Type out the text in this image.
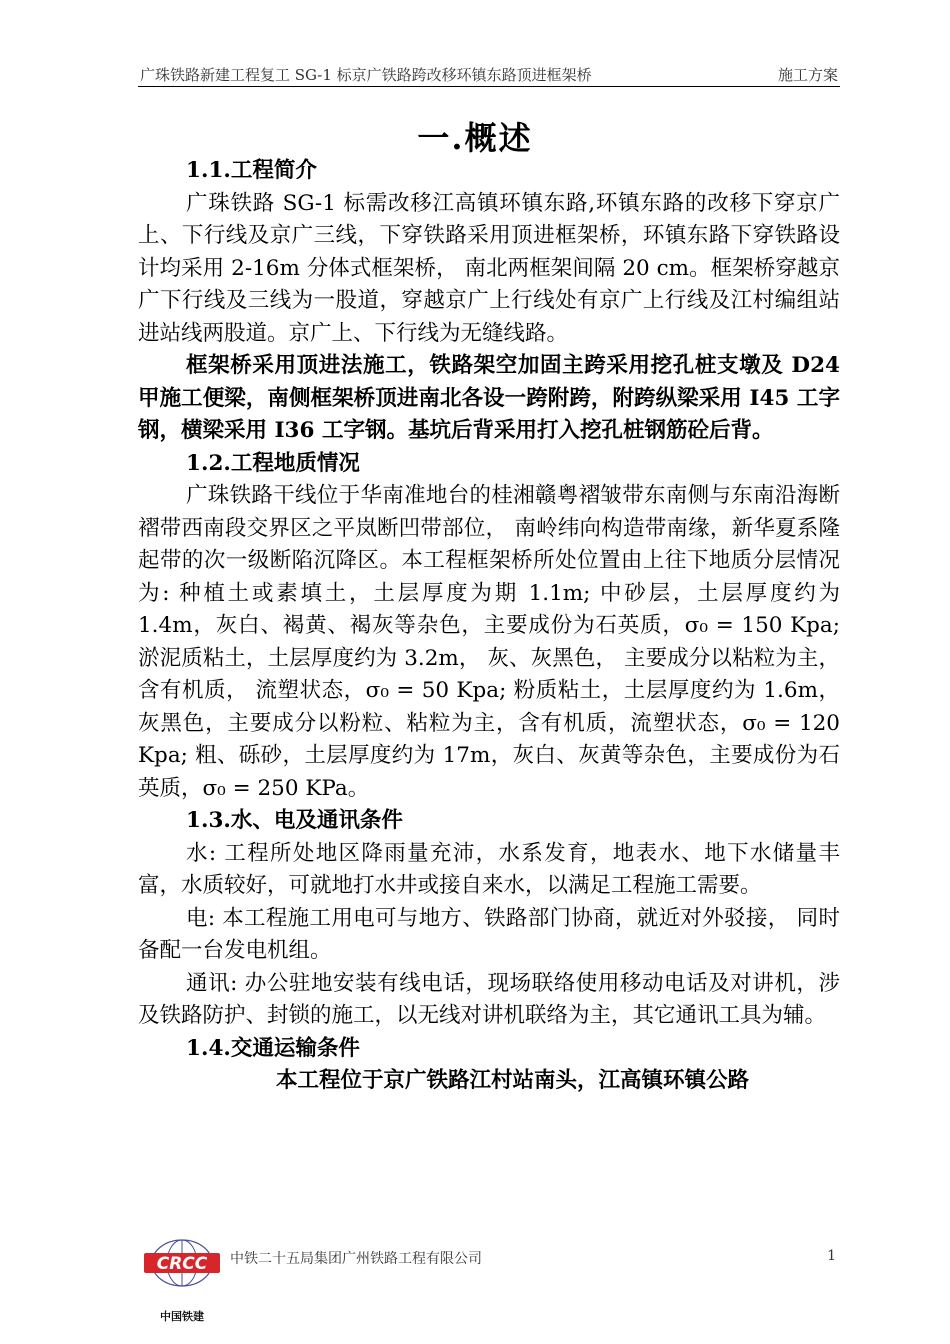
广珠铁路新建工程复工 SG-1 标京广铁路跨改移环镇东路顶进框架桥	施工方案
一.概述

1.1.工程简介

广珠铁路 SG-1 标需改移江高镇环镇东路,环镇东路的改移下穿京广上、下行线及京广三线，下穿铁路采用顶进框架桥，环镇东路下穿铁路设计均采用 2-16m 分体式框架桥， 南北两框架间隔 20 cm。框架桥穿越京广下行线及三线为一股道，穿越京广上行线处有京广上行线及江村编组站进站线两股道。京广上、下行线为无缝线路。

框架桥采用顶进法施工，铁路架空加固主跨采用挖孔桩支墩及 D24 甲施工便梁，南侧框架桥顶进南北各设一跨附跨，附跨纵梁采用 I45 工字钢，横梁采用 I36 工字钢。基坑后背采用打入挖孔桩钢筋砼后背。

1.2.工程地质情况

广珠铁路干线位于华南准地台的桂湘赣粤褶皱带东南侧与东南沿海断褶带西南段交界区之平岚断凹带部位， 南岭纬向构造带南缘，新华夏系隆起带的次一级断陷沉降区。本工程框架桥所处位置由上往下地质分层情况为: 种植土或素填土，土层厚度为期 1.1m; 中砂层，土层厚度约为 1.4m，灰白、褐黄、褐灰等杂色，主要成份为石英质，σ₀ = 150 Kpa; 淤泥质粘土，土层厚度约为 3.2m， 灰、灰黑色， 主要成分以粘粒为主， 含有机质， 流塑状态，σ₀ = 50 Kpa; 粉质粘土，土层厚度约为 1.6m，灰黑色，主要成分以粉粒、粘粒为主，含有机质，流塑状态，σ₀ = 120 Kpa; 粗、砾砂，土层厚度约为 17m，灰白、灰黄等杂色，主要成份为石英质，σ₀ = 250 KPa。

1.3.水、电及通讯条件

水: 工程所处地区降雨量充沛，水系发育，地表水、地下水储量丰富，水质较好，可就地打水井或接自来水，以满足工程施工需要。

电: 本工程施工用电可与地方、铁路部门协商，就近对外驳接， 同时备配一台发电机组。

通讯: 办公驻地安装有线电话，现场联络使用移动电话及对讲机，涉及铁路防护、封锁的施工，以无线对讲机联络为主，其它通讯工具为辅。

1.4.交通运输条件

本工程位于京广铁路江村站南头，江高镇环镇公路

CRCC
中国铁建
中铁二十五局集团广州铁路工程有限公司	1
